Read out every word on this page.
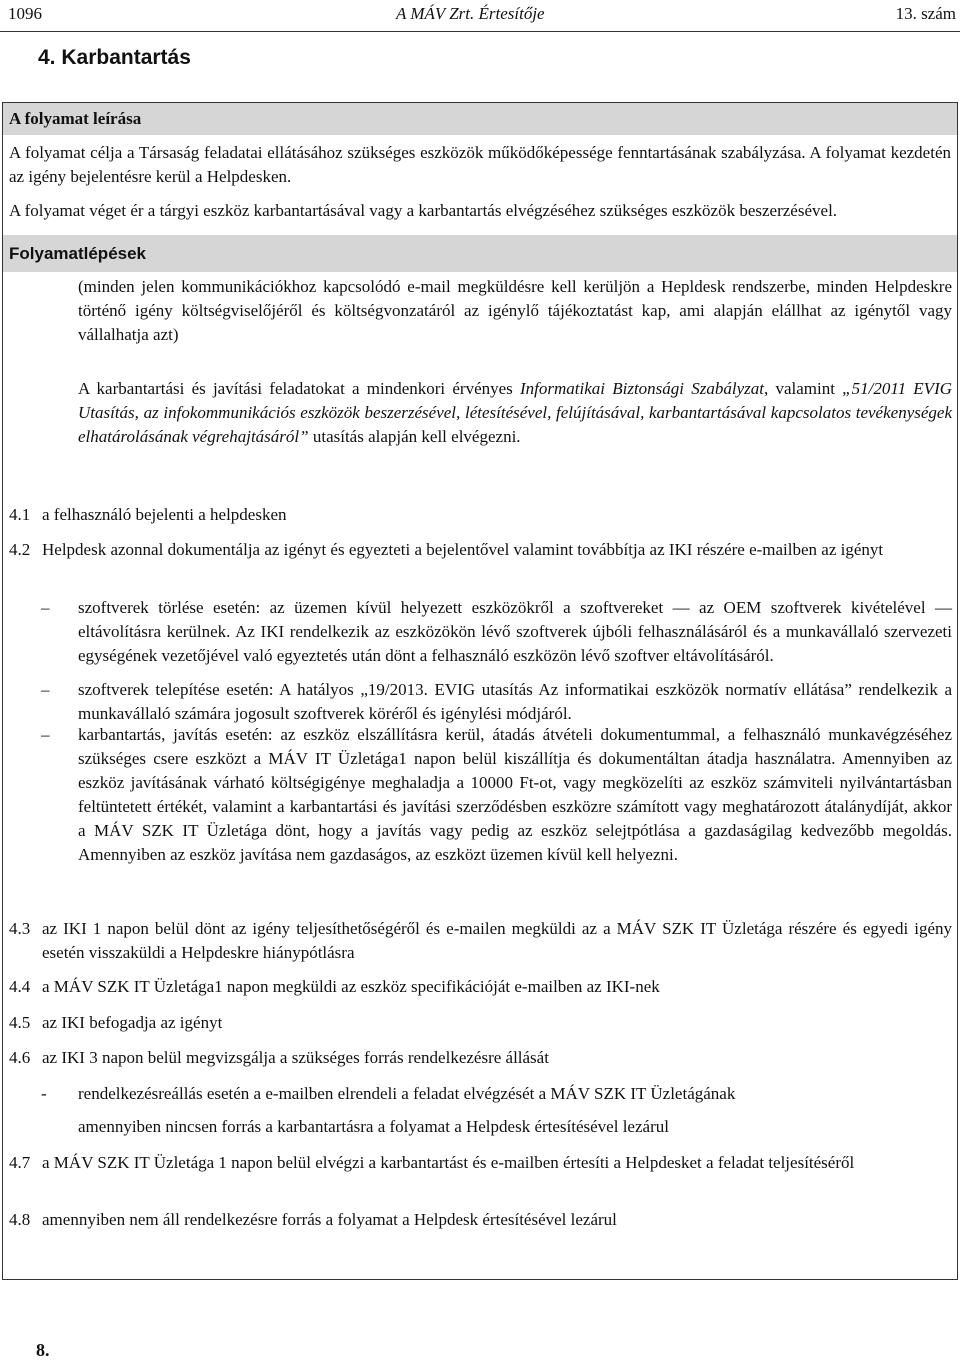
1096	A MÁV Zrt. Értesítője	13. szám
4. Karbantartás
A folyamat leírása
A folyamat célja a Társaság feladatai ellátásához szükséges eszközök működőképessége fenntartásának szabályzása. A folyamat kezdetén az igény bejelentésre kerül a Helpdesken.
A folyamat véget ér a tárgyi eszköz karbantartásával vagy a karbantartás elvégzéséhez szükséges eszközök beszerzésével.
Folyamatlépések
(minden jelen kommunikációkhoz kapcsolódó e-mail megküldésre kell kerüljön a Hepldesk rendszerbe, minden Helpdeskre történő igény költségviselőjéről és költségvonzatáról az igénylő tájékoztatást kap, ami alapján elállhat az igénytől vagy vállalhatja azt)
A karbantartási és javítási feladatokat a mindenkori érvényes Informatikai Biztonsági Szabályzat, valamint „51/2011 EVIG Utasítás, az infokommunikációs eszközök beszerzésével, létesítésével, felújításával, karbantartásával kapcsolatos tevékenységek elhatárolásának végrehajtásáról” utasítás alapján kell elvégezni.
4.1 a felhasználó bejelenti a helpdesken
4.2 Helpdesk azonnal dokumentálja az igényt és egyezteti a bejelentővel valamint továbbítja az IKI részére e-mailben az igényt
– szoftverek törlése esetén: az üzemen kívül helyezett eszközökről a szoftvereket — az OEM szoftverek kivételével — eltávolításra kerülnek. Az IKI rendelkezik az eszközökön lévő szoftverek újbóli felhasználásáról és a munkavállaló szervezeti egységének vezetőjével való egyeztetés után dönt a felhasználó eszközön lévő szoftver eltávolításáról.
– szoftverek telepítése esetén: A hatályos „19/2013. EVIG utasítás Az informatikai eszközök normatív ellátása” rendelkezik a munkavállaló számára jogosult szoftverek köréről és igénylési módjáról.
– karbantartás, javítás esetén: az eszköz elszállításra kerül, átadás átvételi dokumentummal, a felhasználó munkavégzéséhez szükséges csere eszközt a MÁV IT Üzletága1 napon belül kiszállítja és dokumentáltan átadja használatra. Amennyiben az eszköz javításának várható költségigénye meghaladja a 10000 Ft-ot, vagy megközelíti az eszköz számviteli nyilvántartásban feltüntetett értékét, valamint a karbantartási és javítási szerződésben eszközre számított vagy meghatározott átalánydíját, akkor a MÁV SZK IT Üzletága dönt, hogy a javítás vagy pedig az eszköz selejtpótlása a gazdaságilag kedvezőbb megoldás. Amennyiben az eszköz javítása nem gazdaságos, az eszközt üzemen kívül kell helyezni.
4.3 az IKI 1 napon belül dönt az igény teljesíthetőségéről és e-mailen megküldi az a MÁV SZK IT Üzletága részére és egyedi igény esetén visszaküldi a Helpdeskre hiánypótlásra
4.4 a MÁV SZK IT Üzletága1 napon megküldi az eszköz specifikációját e-mailben az IKI-nek
4.5 az IKI befogadja az igényt
4.6 az IKI 3 napon belül megvizsgálja a szükséges forrás rendelkezésre állását
- rendelkezésreállás esetén a e-mailben elrendeli a feladat elvégzését a MÁV SZK IT Üzletágának
amennyiben nincsen forrás a karbantartásra a folyamat a Helpdesk értesítésével lezárul
4.7 a MÁV SZK IT Üzletága 1 napon belül elvégzi a karbantartást és e-mailben értesíti a Helpdesket a feladat teljesítéséről
4.8 amennyiben nem áll rendelkezésre forrás a folyamat a Helpdesk értesítésével lezárul
8.
